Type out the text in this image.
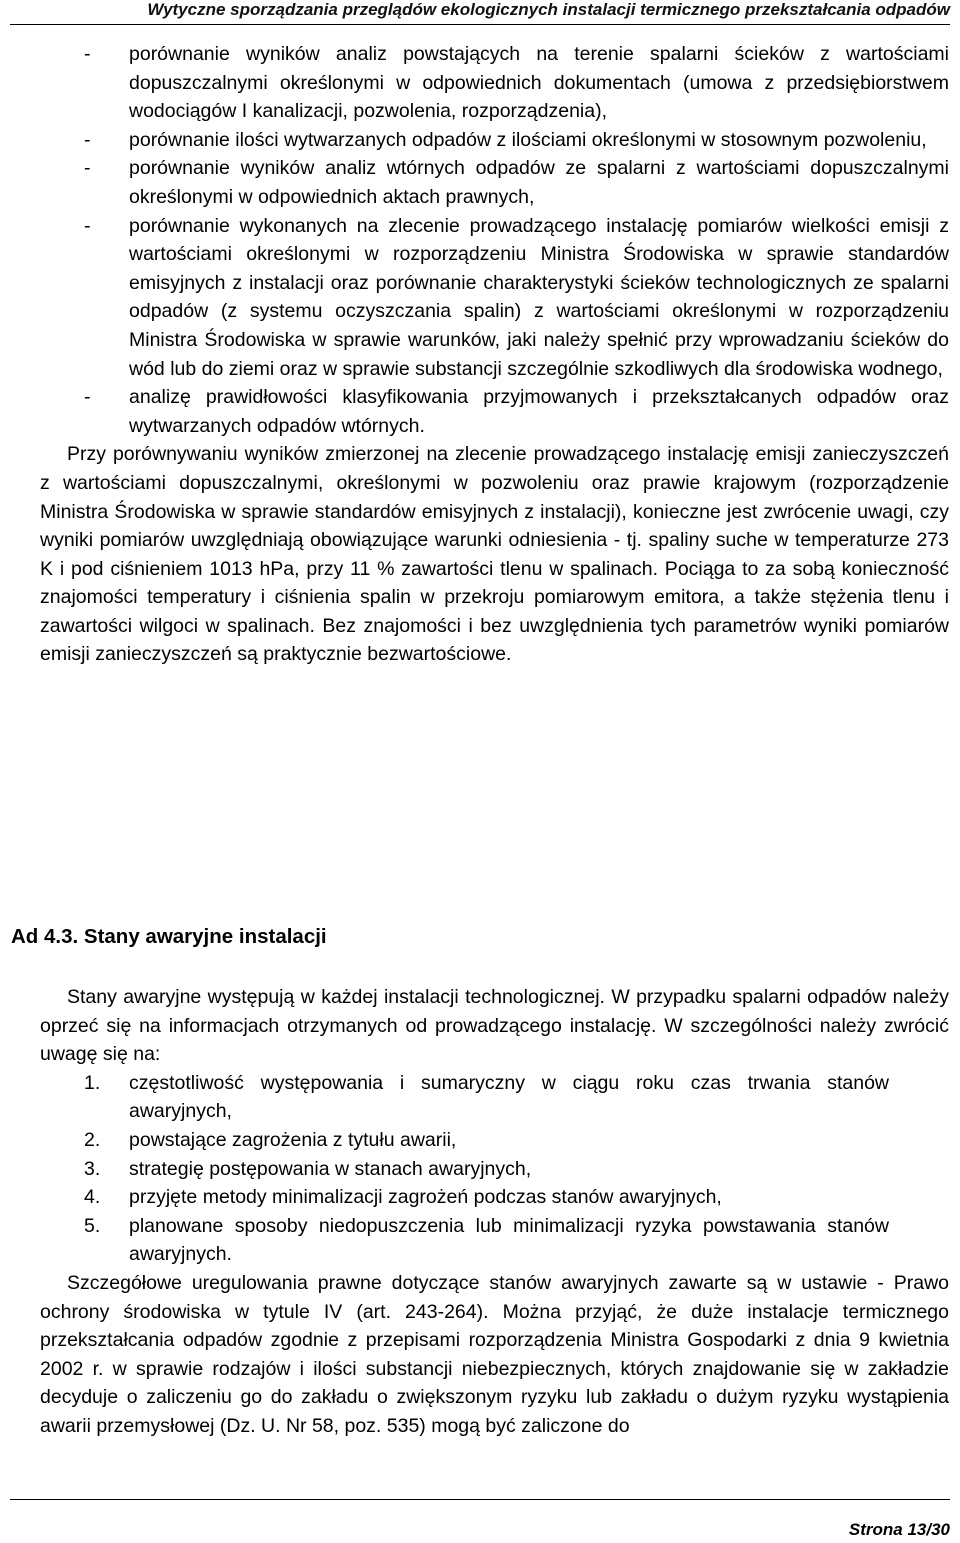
Wytyczne sporządzania przeglądów ekologicznych instalacji termicznego przekształcania odpadów
- porównanie wyników analiz powstających na terenie spalarni ścieków z wartościami dopuszczalnymi określonymi w odpowiednich dokumentach (umowa z przedsiębiorstwem wodociągów I kanalizacji, pozwolenia, rozporządzenia),
- porównanie ilości wytwarzanych odpadów z ilościami określonymi w stosownym pozwoleniu,
- porównanie wyników analiz wtórnych odpadów ze spalarni z wartościami dopuszczalnymi określonymi w odpowiednich aktach prawnych,
- porównanie wykonanych na zlecenie prowadzącego instalację pomiarów wielkości emisji z wartościami określonymi w rozporządzeniu Ministra Środowiska w sprawie standardów emisyjnych z instalacji oraz porównanie charakterystyki ścieków technologicznych ze spalarni odpadów (z systemu oczyszczania spalin) z wartościami określonymi w rozporządzeniu Ministra Środowiska w sprawie warunków, jaki należy spełnić przy wprowadzaniu ścieków do wód lub do ziemi oraz w sprawie substancji szczególnie szkodliwych dla środowiska wodnego,
- analizę prawidłowości klasyfikowania przyjmowanych i przekształcanych odpadów oraz wytwarzanych odpadów wtórnych.

Przy porównywaniu wyników zmierzonej na zlecenie prowadzącego instalację emisji zanieczyszczeń z wartościami dopuszczalnymi, określonymi w pozwoleniu oraz prawie krajowym (rozporządzenie Ministra Środowiska w sprawie standardów emisyjnych z instalacji), konieczne jest zwrócenie uwagi, czy wyniki pomiarów uwzględniają obowiązujące warunki odniesienia - tj. spaliny suche w temperaturze 273 K i pod ciśnieniem 1013 hPa, przy 11 % zawartości tlenu w spalinach. Pociąga to za sobą konieczność znajomości temperatury i ciśnienia spalin w przekroju pomiarowym emitora, a także stężenia tlenu i zawartości wilgoci w spalinach. Bez znajomości i bez uwzględnienia tych parametrów wyniki pomiarów emisji zanieczyszczeń są praktycznie bezwartościowe.

Ad 4.3. Stany awaryjne instalacji

Stany awaryjne występują w każdej instalacji technologicznej. W przypadku spalarni odpadów należy oprzeć się na informacjach otrzymanych od prowadzącego instalację. W szczególności należy zwrócić uwagę się na:

1. częstotliwość występowania i sumaryczny w ciągu roku czas trwania stanów awaryjnych,
2. powstające zagrożenia z tytułu awarii,
3. strategię postępowania w stanach awaryjnych,
4. przyjęte metody minimalizacji zagrożeń podczas stanów awaryjnych,
5. planowane sposoby niedopuszczenia lub minimalizacji ryzyka powstawania stanów awaryjnych.

Szczegółowe uregulowania prawne dotyczące stanów awaryjnych zawarte są w ustawie - Prawo ochrony środowiska w tytule IV (art. 243-264). Można przyjąć, że duże instalacje termicznego przekształcania odpadów zgodnie z przepisami rozporządzenia Ministra Gospodarki z dnia 9 kwietnia 2002 r. w sprawie rodzajów i ilości substancji niebezpiecznych, których znajdowanie się w zakładzie decyduje o zaliczeniu go do zakładu o zwiększonym ryzyku lub zakładu o dużym ryzyku wystąpienia awarii przemysłowej (Dz. U. Nr 58, poz. 535) mogą być zaliczone do

Strona 13/30
